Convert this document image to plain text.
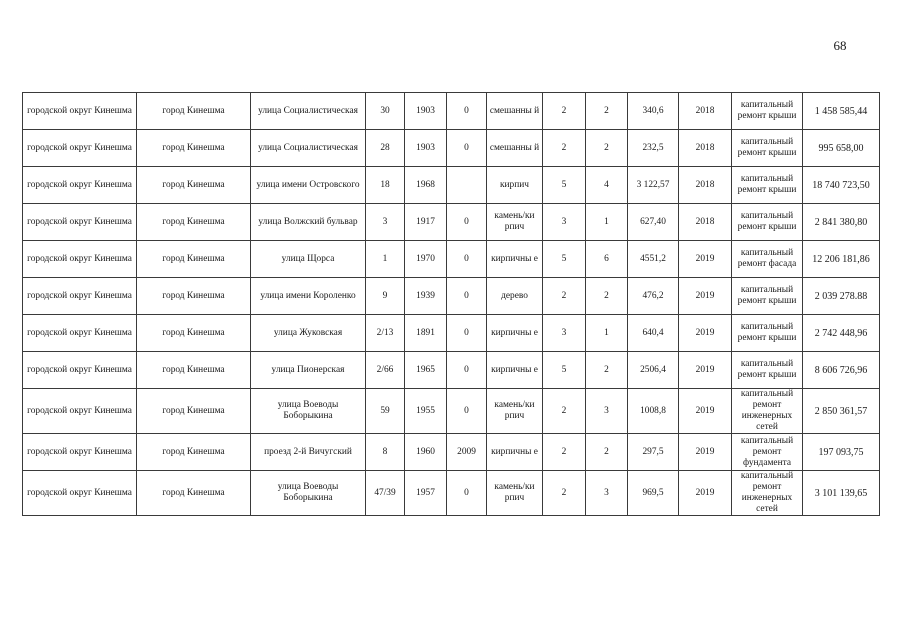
68
городской округ Кинешма	город Кинешма	улица Социалистическая	30	1903	0	смешанны й	2	2	340,6	2018	капитальный ремонт крыши	1 458 585,44
городской округ Кинешма	город Кинешма	улица Социалистическая	28	1903	0	смешанны й	2	2	232,5	2018	капитальный ремонт крыши	995 658,00
городской округ Кинешма	город Кинешма	улица имени Островского	18	1968		кирпич	5	4	3 122,57	2018	капитальный ремонт крыши	18 740 723,50
городской округ Кинешма	город Кинешма	улица Волжский бульвар	3	1917	0	камень/ки рпич	3	1	627,40	2018	капитальный ремонт крыши	2 841 380,80
городской округ Кинешма	город Кинешма	улица Щорса	1	1970	0	кирпичны е	5	6	4551,2	2019	капитальный ремонт фасада	12 206 181,86
городской округ Кинешма	город Кинешма	улица имени Короленко	9	1939	0	дерево	2	2	476,2	2019	капитальный ремонт крыши	2 039 278.88
городской округ Кинешма	город Кинешма	улица Жуковская	2/13	1891	0	кирпичны е	3	1	640,4	2019	капитальный ремонт крыши	2 742 448,96
городской округ Кинешма	город Кинешма	улица Пионерская	2/66	1965	0	кирпичны е	5	2	2506,4	2019	капитальный ремонт крыши	8 606 726,96
городской округ Кинешма	город Кинешма	улица Воеводы Боборыкина	59	1955	0	камень/ки рпич	2	3	1008,8	2019	капитальный ремонт инженерных сетей	2 850 361,57
городской округ Кинешма	город Кинешма	проезд 2-й Вичугский	8	1960	2009	кирпичны е	2	2	297,5	2019	капитальный ремонт фундамента	197 093,75
городской округ Кинешма	город Кинешма	улица Воеводы Боборыкина	47/39	1957	0	камень/ки рпич	2	3	969,5	2019	капитальный ремонт инженерных сетей	3 101 139,65
